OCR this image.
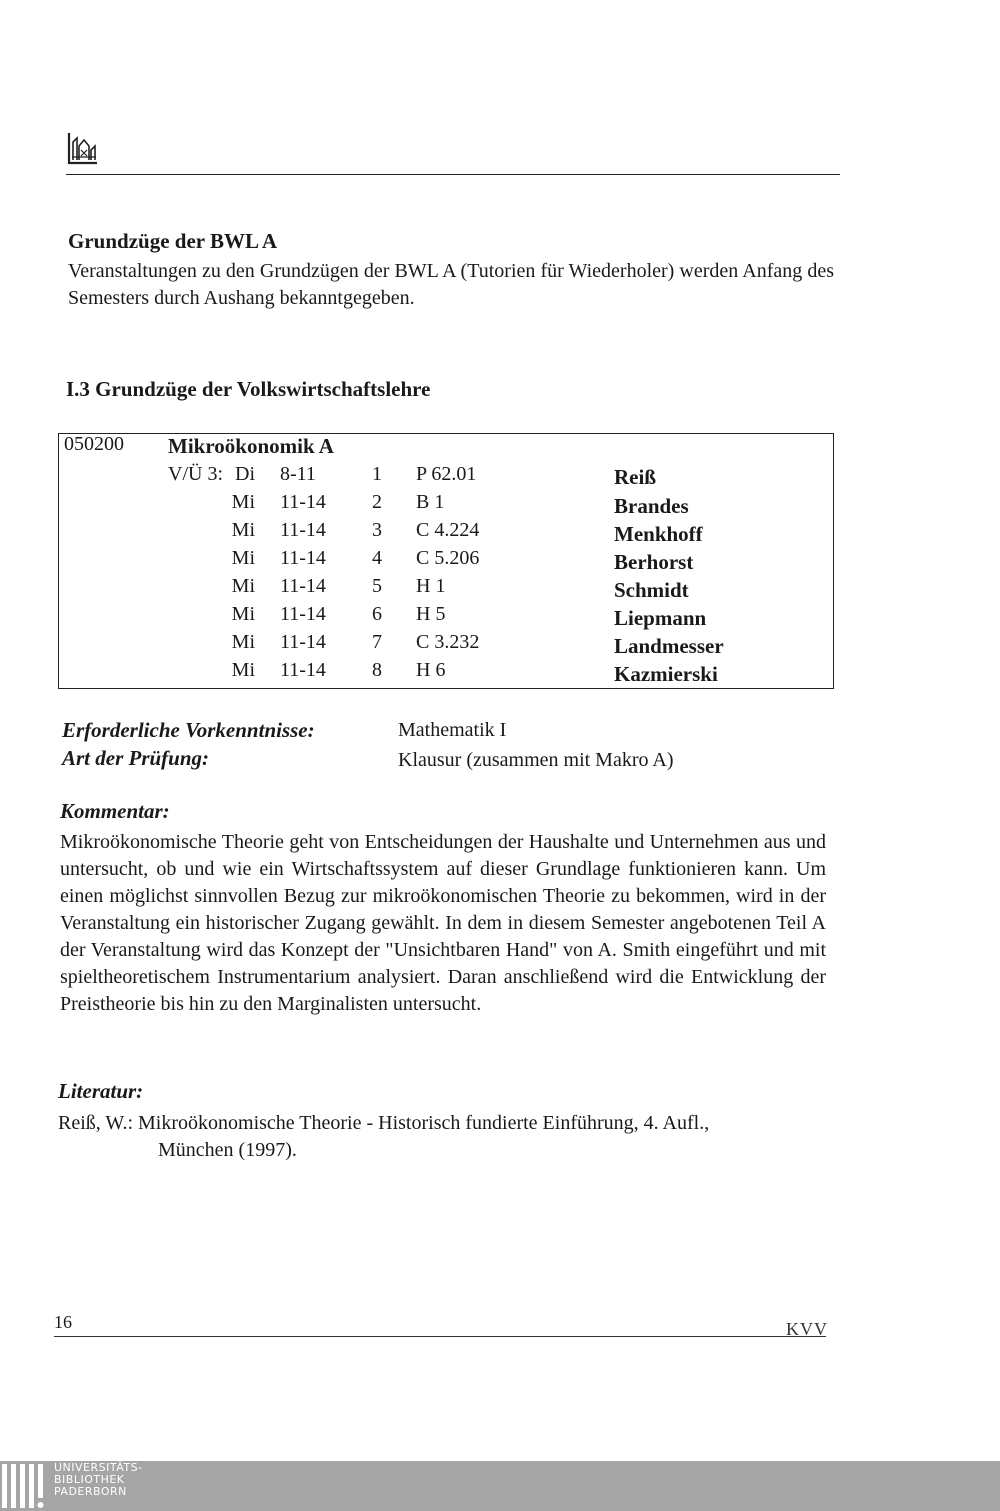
Grundzüge der BWL A
Veranstaltungen zu den Grundzügen der BWL A (Tutorien für Wiederholer) werden Anfang des Semesters durch Aushang bekanntgegeben.
I.3 Grundzüge der Volkswirtschaftslehre
050200 Mikroökonomik A
V/Ü 3: Di 8-11	1 P 62.01	Reiß
Mi 11-14 2 B 1	Brandes
Mi 11-14 3 C 4.224	Menkhoff
Mi 11-14 4 C 5.206	Berhorst
Mi 11-14 5 H 1	Schmidt
Mi 11-14 6 H 5	Liepmann
Mi 11-14 7 C 3.232	Landmesser
Mi 11-14 8 H 6	Kazmierski
Erforderliche Vorkenntnisse:	Mathematik I
Art der Prüfung:	Klausur (zusammen mit Makro A)
Kommentar:
Mikroökonomische Theorie geht von Entscheidungen der Haushalte und Unternehmen aus und untersucht, ob und wie ein Wirtschaftssystem auf dieser Grundlage funktionieren kann. Um einen möglichst sinnvollen Bezug zur mikroökonomischen Theorie zu bekommen, wird in der Veranstaltung ein historischer Zugang gewählt. In dem in diesem Semester angebotenen Teil A der Veranstaltung wird das Konzept der "Unsichtbaren Hand" von A. Smith eingeführt und mit spieltheoretischem Instrumentarium analysiert. Daran anschließend wird die Entwicklung der Preistheorie bis hin zu den Marginalisten untersucht.
Literatur:
Reiß, W.: Mikroökonomische Theorie - Historisch fundierte Einführung, 4. Aufl.,
München (1997).
16	KVV
UNIVERSITÄTS-
BIBLIOTHEK
PADERBORN
